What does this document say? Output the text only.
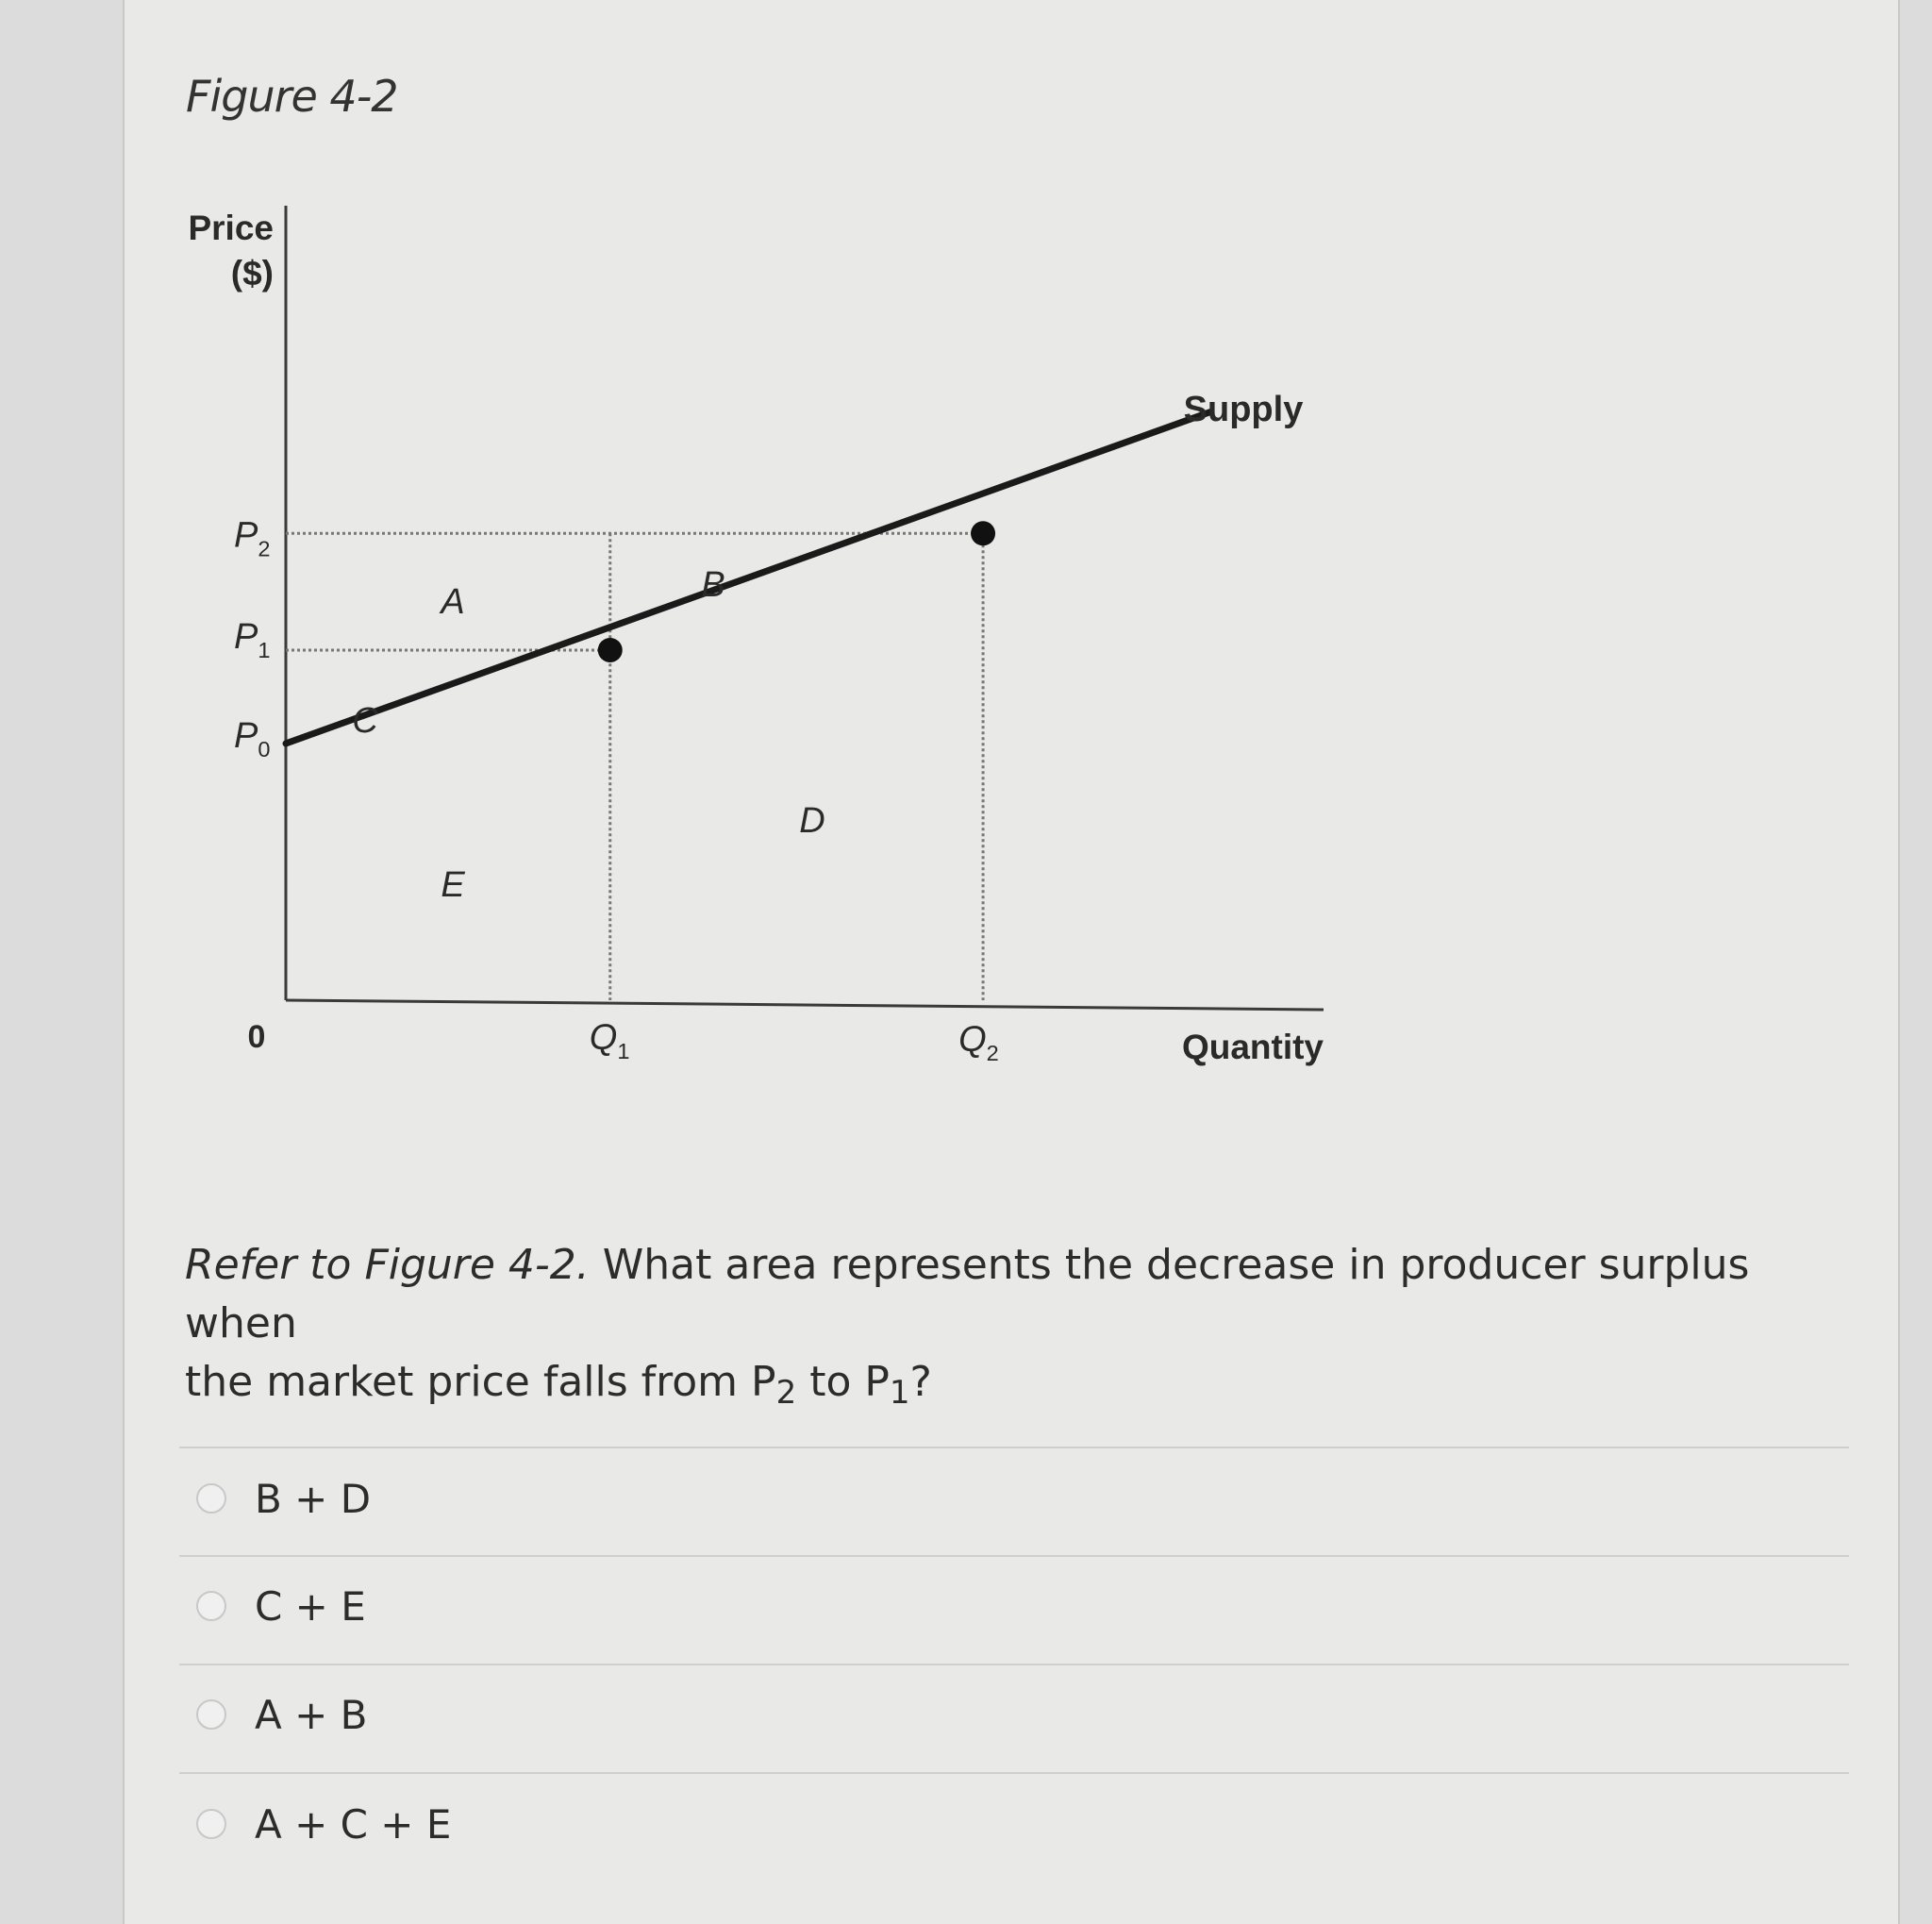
Figure 4-2
Price
($)
Quantity
0
$P_2$
$P_1$
$P_0$
$Q_1$	$Q_2$
Supply
A	B
C
D
E
Refer to Figure 4-2. What area represents the decrease in producer surplus when
the market price falls from $P_2$ to $P_1$?
B + D
C + E
A + B
A + C + E
